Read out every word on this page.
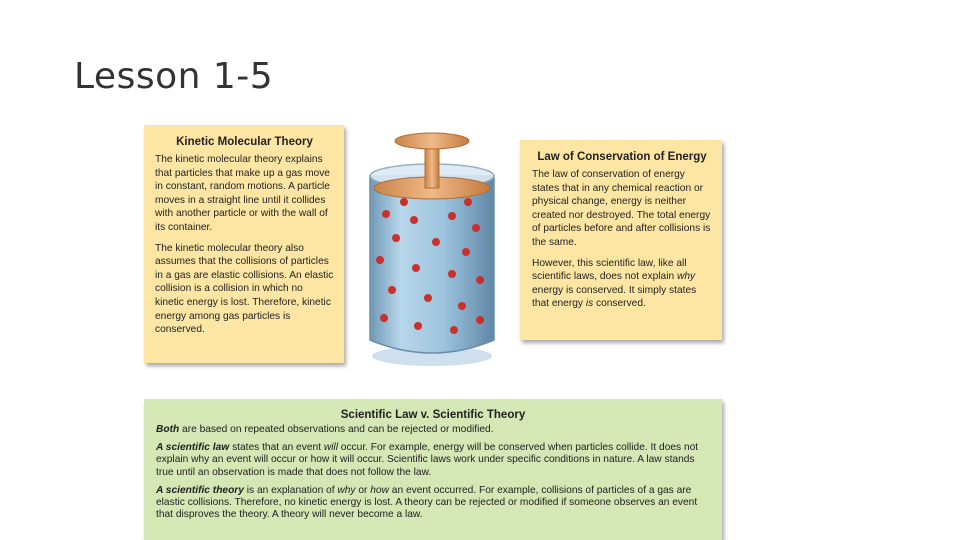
Lesson 1-5
Kinetic Molecular Theory

The kinetic molecular theory explains that particles that make up a gas move in constant, random motions. A particle moves in a straight line until it collides with another particle or with the wall of its container.

The kinetic molecular theory also assumes that the collisions of particles in a gas are elastic collisions. An elastic collision is a collision in which no kinetic energy is lost. Therefore, kinetic energy among gas particles is conserved.

Law of Conservation of Energy

The law of conservation of energy states that in any chemical reaction or physical change, energy is neither created nor destroyed. The total energy of particles before and after collisions is the same.

However, this scientific law, like all scientific laws, does not explain why energy is conserved. It simply states that energy is conserved.

Scientific Law v. Scientific Theory

Both are based on repeated observations and can be rejected or modified.

A scientific law states that an event will occur. For example, energy will be conserved when particles collide. It does not explain why an event will occur or how it will occur. Scientific laws work under specific conditions in nature. A law stands true until an observation is made that does not follow the law.

A scientific theory is an explanation of why or how an event occurred. For example, collisions of particles of a gas are elastic collisions. Therefore, no kinetic energy is lost. A theory can be rejected or modified if someone observes an event that disproves the theory. A theory will never become a law.
